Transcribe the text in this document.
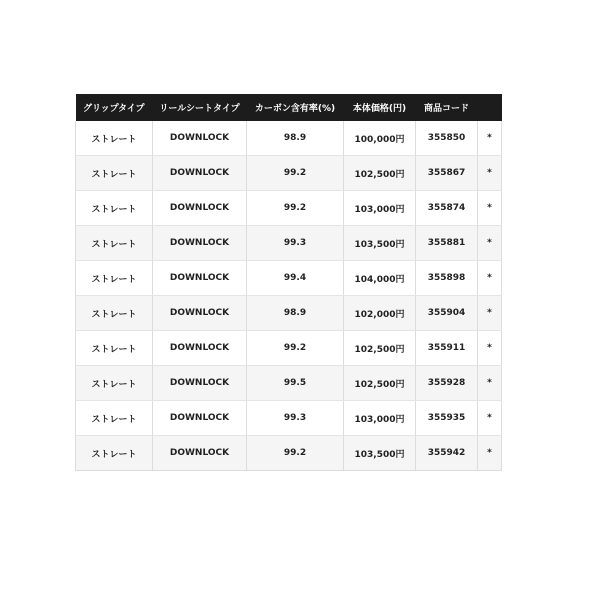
グリップタイプ	リールシートタイプ	カーボン含有率(%)	本体価格(円)	商品コード	
ストレート	DOWNLOCK	98.9	100,000円	355850	*
ストレート	DOWNLOCK	99.2	102,500円	355867	*
ストレート	DOWNLOCK	99.2	103,000円	355874	*
ストレート	DOWNLOCK	99.3	103,500円	355881	*
ストレート	DOWNLOCK	99.4	104,000円	355898	*
ストレート	DOWNLOCK	98.9	102,000円	355904	*
ストレート	DOWNLOCK	99.2	102,500円	355911	*
ストレート	DOWNLOCK	99.5	102,500円	355928	*
ストレート	DOWNLOCK	99.3	103,000円	355935	*
ストレート	DOWNLOCK	99.2	103,500円	355942	*
